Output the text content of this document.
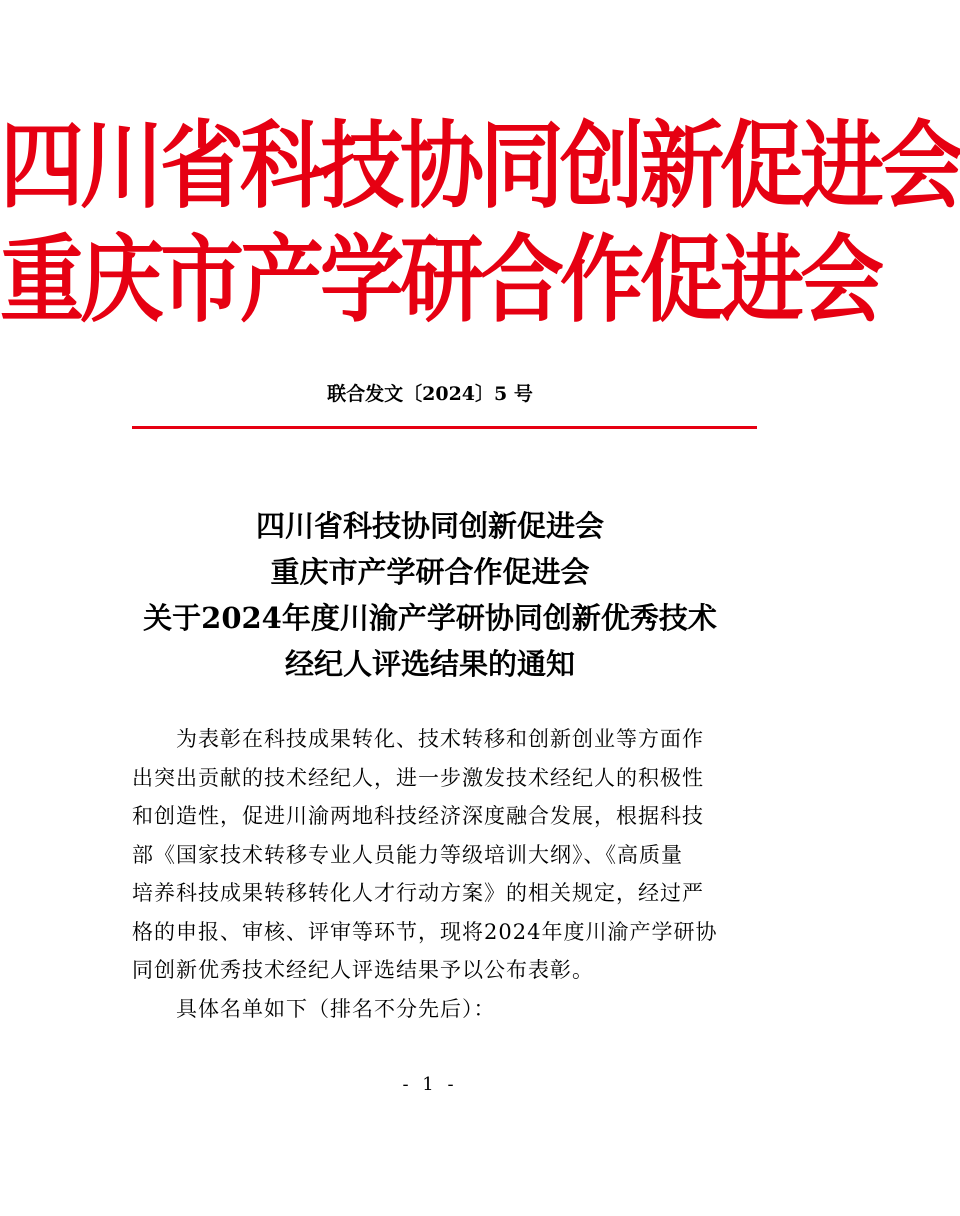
四川省科技协同创新促进会
重庆市产学研合作促进会
联合发文〔2024〕5 号
四川省科技协同创新促进会
重庆市产学研合作促进会
关于2024年度川渝产学研协同创新优秀技术
经纪人评选结果的通知
为表彰在科技成果转化、技术转移和创新创业等方面作
出突出贡献的技术经纪人，进一步激发技术经纪人的积极性
和创造性，促进川渝两地科技经济深度融合发展，根据科技
部《国家技术转移专业人员能力等级培训大纲》、《高质量
培养科技成果转移转化人才行动方案》的相关规定，经过严
格的申报、审核、评审等环节，现将2024年度川渝产学研协
同创新优秀技术经纪人评选结果予以公布表彰。
具体名单如下（排名不分先后）：
- 1 -
